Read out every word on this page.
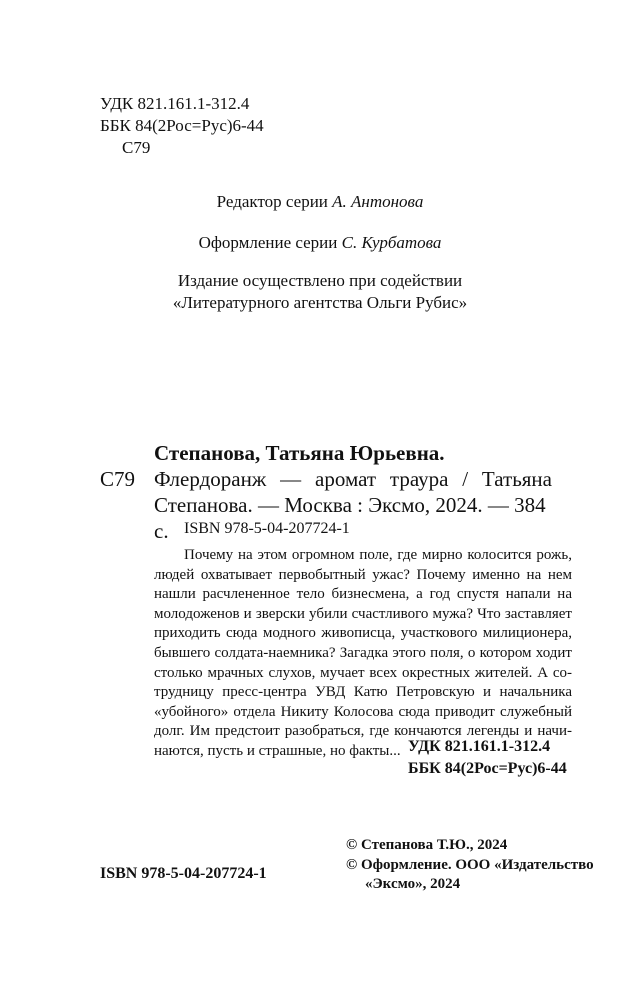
УДК 821.161.1-312.4
ББК 84(2Рос=Рус)6-44
С79
Редактор серии А. Антонова
Оформление серии С. Курбатова
Издание осуществлено при содействии
«Литературного агентства Ольги Рубис»
Степанова, Татьяна Юрьевна.
С79 Флердоранж — аромат траура / Татьяна
Степанова. — Москва : Эксмо, 2024. — 384 с. ISBN 978-5-04-207724-1
Почему на этом огромном поле, где мирно колосится рожь,
людей охватывает первобытный ужас? Почему именно на нем
нашли расчлененное тело бизнесмена, а год спустя напали на
молодоженов и зверски убили счастливого мужа? Что заставляет
приходить сюда модного живописца, участкового милиционера,
бывшего солдата-наемника? Загадка этого поля, о котором ходит
столько мрачных слухов, мучает всех окрестных жителей. А со-
трудницу пресс-центра УВД Катю Петровскую и начальника
«убойного» отдела Никиту Колосова сюда приводит служебный
долг. Им предстоит разобраться, где кончаются легенды и начи-
наются, пусть и страшные, но факты... УДК 821.161.1-312.4
ББК 84(2Рос=Рус)6-44
© Степанова Т.Ю., 2024
© Оформление. ООО «Издательство
«Эксмо», 2024
ISBN 978-5-04-207724-1
